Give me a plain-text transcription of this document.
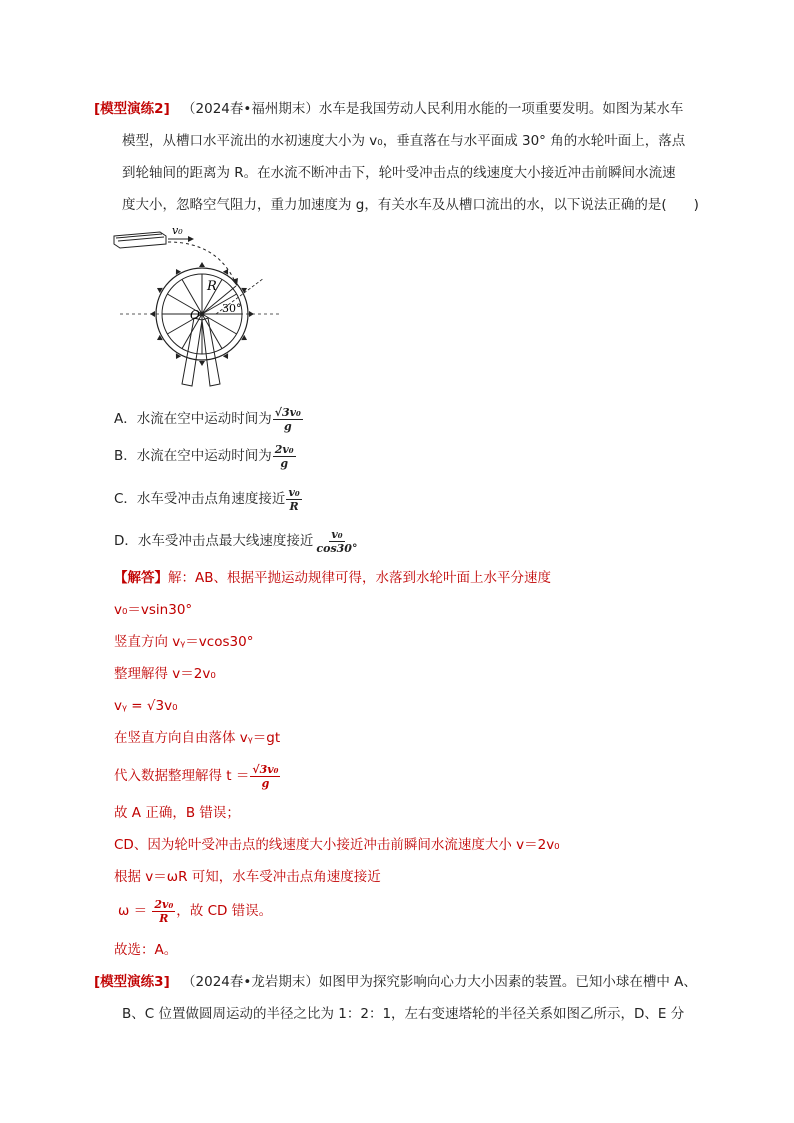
[模型演练2] （2024春•福州期末）水车是我国劳动人民利用水能的一项重要发明。如图为某水车
模型，从槽口水平流出的水初速度大小为 v₀，垂直落在与水平面成 30° 角的水轮叶面上，落点
到轮轴间的距离为 R。在水流不断冲击下，轮叶受冲击点的线速度大小接近冲击前瞬间水流速
度大小，忽略空气阻力，重力加速度为 g，有关水车及从槽口流出的水，以下说法正确的是(　　)
v₀
R
O 30°
A．水流在空中运动时间为 $\frac{\text{√3v₀}}{g}$
B．水流在空中运动时间为 $\frac{\text{2v₀}}{g}$
C．水车受冲击点角速度接近 $\frac{\text{v₀}}{R}$
D．水车受冲击点最大线速度接近 $\frac{\text{v₀}}{\cos 30^\circ}$
【解答】解：AB、根据平抛运动规律可得，水落到水轮叶面上水平分速度
v₀＝vsin30°
竖直方向 vᵧ＝vcos30°
整理解得 v＝2v₀
vᵧ = √3v₀
在竖直方向自由落体 vᵧ＝gt
代入数据整理解得 $t = \frac{\text{√3v₀}}{g}$
故 A 正确，B 错误；
CD、因为轮叶受冲击点的线速度大小接近冲击前瞬间水流速度大小 v＝2v₀
根据 v＝ωR 可知，水车受冲击点角速度接近
$\omega = \frac{\text{2v₀}}{R}$ ，故 CD 错误。
故选：A。
[模型演练3] （2024春•龙岩期末）如图甲为探究影响向心力大小因素的装置。已知小球在槽中 A、
B、C 位置做圆周运动的半径之比为 1：2：1，左右变速塔轮的半径关系如图乙所示，D、E 分
